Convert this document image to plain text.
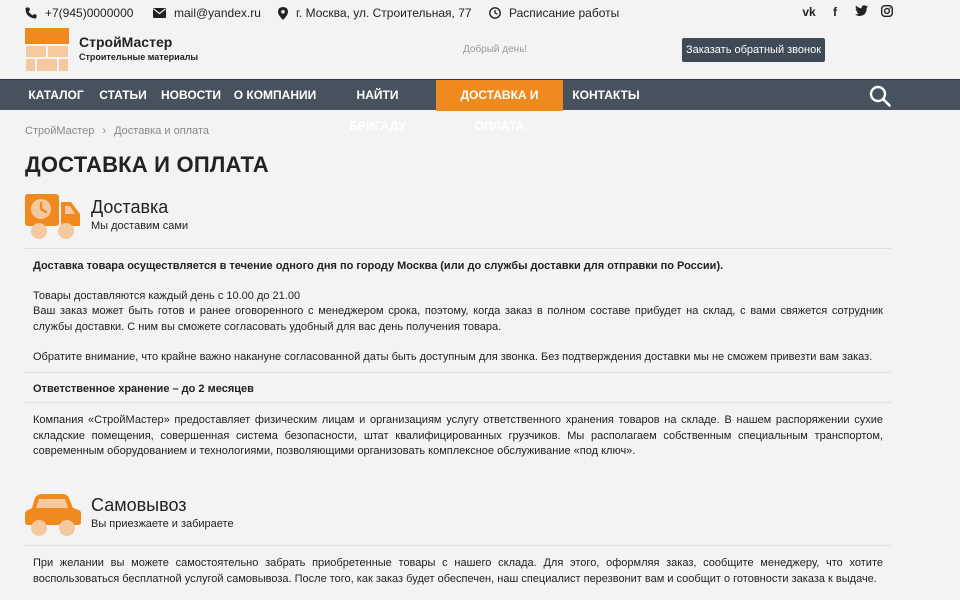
+7(945)0000000	mail@yandex.ru	г. Москва, ул. Строительная, 77	Расписание работы	vk	f
СтройМастер
Строительные материалы
Добрый день!	Заказать обратный звонок
КАТАЛОГ	СТАТЬИ	НОВОСТИ О КОМПАНИИ	НАЙТИ БРИГАДУ
ДОСТАВКА И ОПЛАТА
КОНТАКТЫ
СтройМастер › Доставка и оплата
ДОСТАВКА И ОПЛАТА
Доставка
Мы доставим сами
Доставка товара осуществляется в течение одного дня по городу Москва (или до службы доставки для отправки по России).
Товары доставляются каждый день с 10.00 до 21.00
Ваш заказ может быть готов и ранее оговоренного с менеджером срока, поэтому, когда заказ в полном составе прибудет на склад, с вами свяжется сотрудник службы доставки. С ним вы сможете согласовать удобный для вас день получения товара.
Обратите внимание, что крайне важно накануне согласованной даты быть доступным для звонка. Без подтверждения доставки мы не сможем привезти вам заказ.
Ответственное хранение – до 2 месяцев
Компания «СтройМастер» предоставляет физическим лицам и организациям услугу ответственного хранения товаров на складе. В нашем распоряжении сухие складские помещения, совершенная система безопасности, штат квалифицированных грузчиков. Мы располагаем собственным специальным транспортом, современным оборудованием и технологиями, позволяющими организовать комплексное обслуживание «под ключ».
Самовывоз
Вы приезжаете и забираете
При желании вы можете самостоятельно забрать приобретенные товары с нашего склада. Для этого, оформляя заказ, сообщите менеджеру, что хотите воспользоваться бесплатной услугой самовывоза. После того, как заказ будет обеспечен, наш специалист перезвонит вам и сообщит о готовности заказа к выдаче.
